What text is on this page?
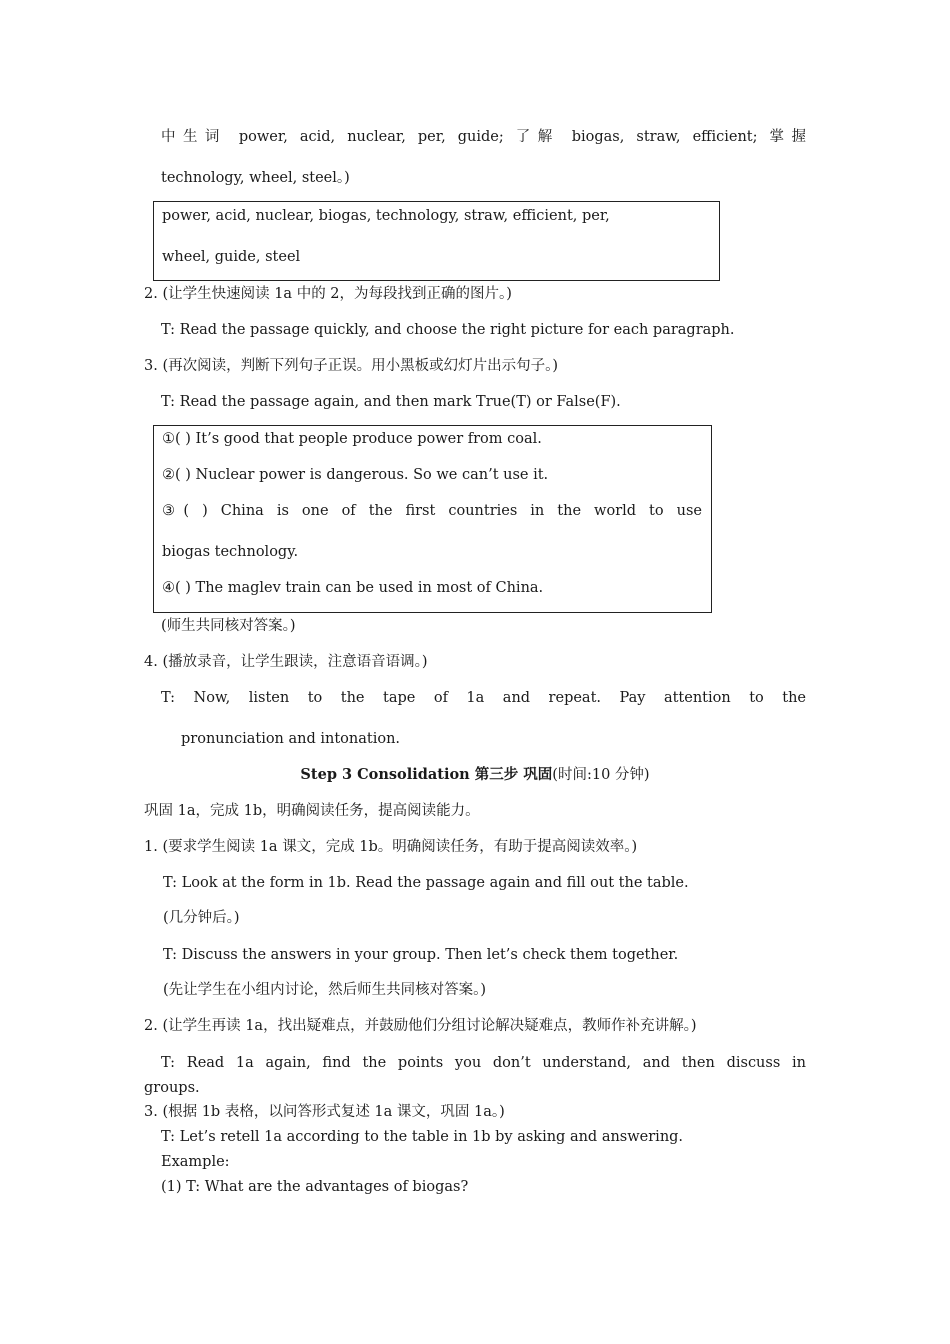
中生词 power, acid, nuclear, per, guide; 了解 biogas, straw, efficient; 掌握
technology, wheel, steel。)
power, acid, nuclear, biogas, technology, straw, efficient, per,
wheel, guide, steel
2. (让学生快速阅读 1a 中的 2，为每段找到正确的图片。)
T: Read the passage quickly, and choose the right picture for each paragraph.
3. (再次阅读，判断下列句子正误。用小黑板或幻灯片出示句子。)
T: Read the passage again, and then mark True(T) or False(F).
①( ) It’s good that people produce power from coal.
②( ) Nuclear power is dangerous. So we can’t use it.
③( ) China is one of the first countries in the world to use
biogas technology.
④( ) The maglev train can be used in most of China.
(师生共同核对答案。)
4. (播放录音，让学生跟读，注意语音语调。)
T: Now, listen to the tape of 1a and repeat. Pay attention to the
pronunciation and intonation.
Step 3 Consolidation 第三步 巩固(时间:10 分钟)
巩固 1a，完成 1b，明确阅读任务，提高阅读能力。
1. (要求学生阅读 1a 课文，完成 1b。明确阅读任务，有助于提高阅读效率。)
T: Look at the form in 1b. Read the passage again and fill out the table.
(几分钟后。)
T: Discuss the answers in your group. Then let’s check them together.
(先让学生在小组内讨论，然后师生共同核对答案。)
2. (让学生再读 1a，找出疑难点，并鼓励他们分组讨论解决疑难点，教师作补充讲解。)
T: Read 1a again, find the points you don’t understand, and then discuss in
groups.
3. (根据 1b 表格，以问答形式复述 1a 课文，巩固 1a。)
T: Let’s retell 1a according to the table in 1b by asking and answering.
Example:
(1) T: What are the advantages of biogas?
